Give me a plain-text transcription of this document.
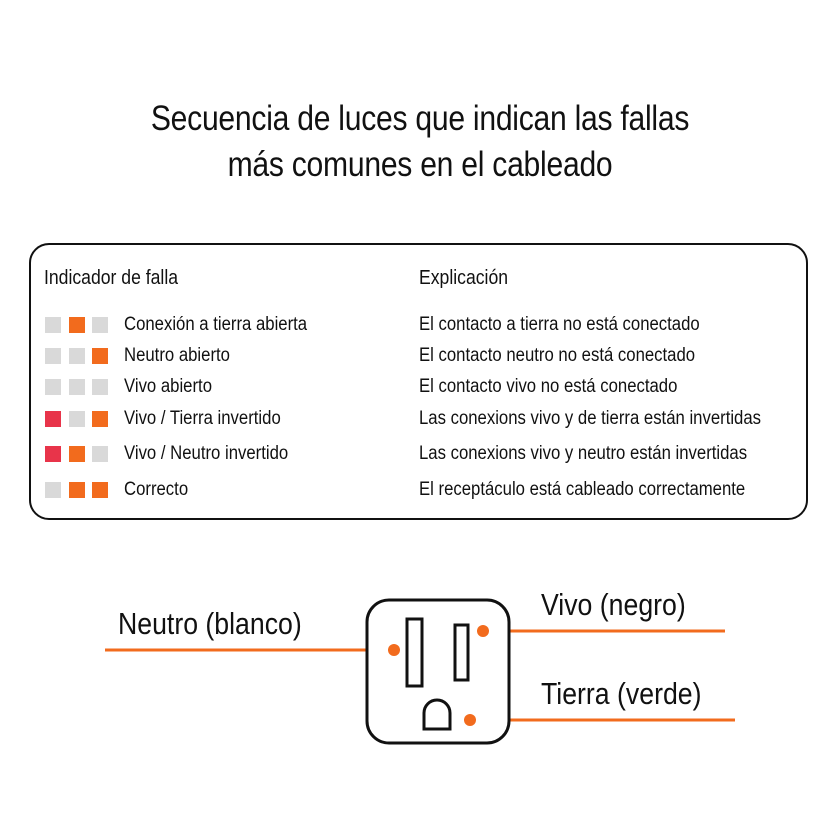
Secuencia de luces que indican las fallas
más comunes en el cableado
Indicador de falla	Explicación
Conexión a tierra abierta	El contacto a tierra no está conectado
Neutro abierto	El contacto neutro no está conectado
Vivo abierto	El contacto vivo no está conectado
Vivo / Tierra invertido	Las conexions vivo y de tierra están invertidas
Vivo / Neutro invertido	Las conexions vivo y neutro están invertidas
Correcto	El receptáculo está cableado correctamente
Neutro (blanco)
Vivo (negro)
Tierra (verde)
